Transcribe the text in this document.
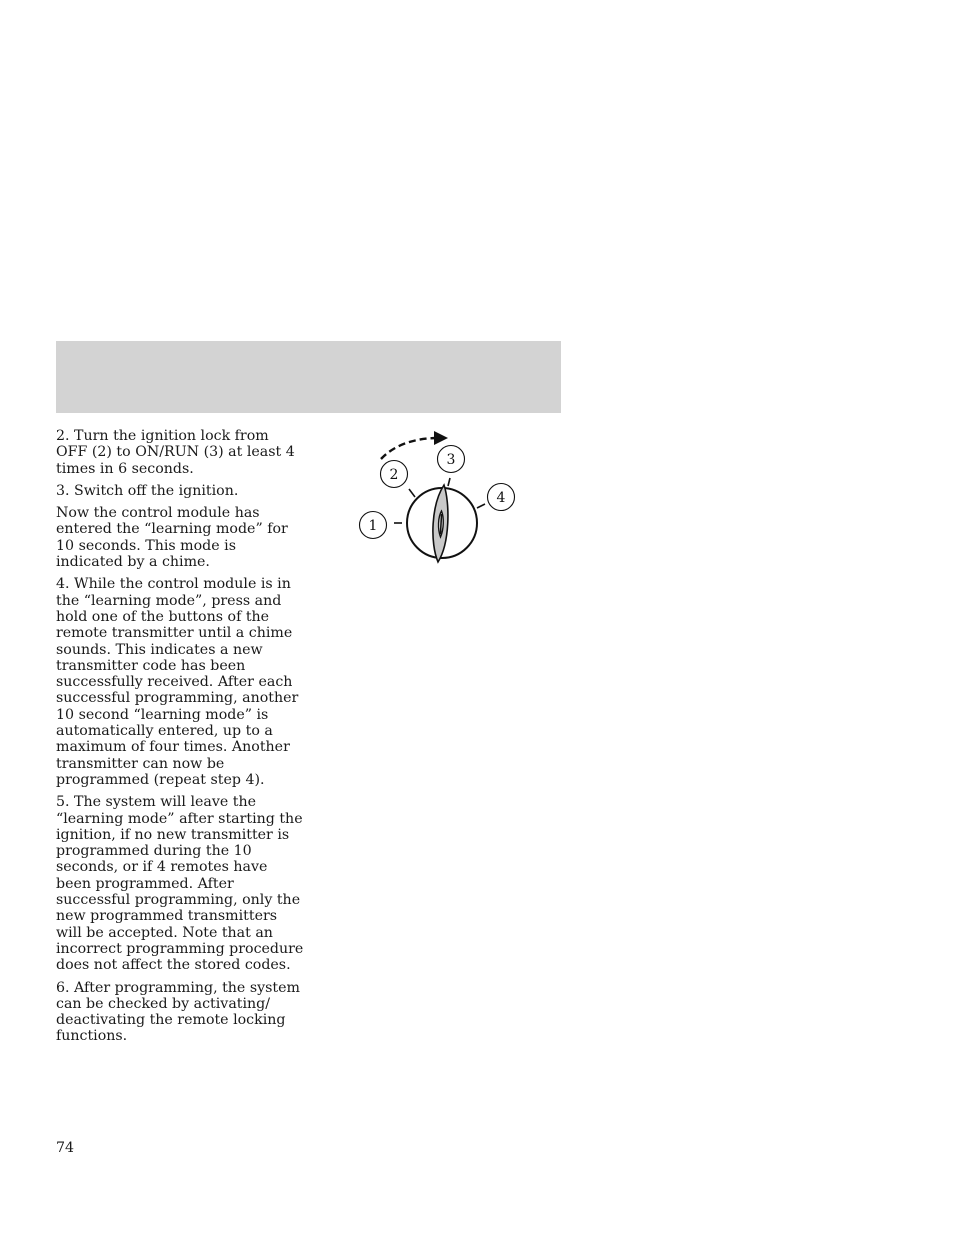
2. Turn the ignition lock from OFF (2) to ON/RUN (3) at least 4 times in 6 seconds.

3. Switch off the ignition.

Now the control module has entered the “learning mode” for 10 seconds. This mode is indicated by a chime.

4. While the control module is in the “learning mode”, press and hold one of the buttons of the remote transmitter until a chime sounds. This indicates a new transmitter code has been successfully received. After each successful programming, another 10 second “learning mode” is automatically entered, up to a maximum of four times. Another transmitter can now be programmed (repeat step 4).

5. The system will leave the “learning mode” after starting the ignition, if no new transmitter is programmed during the 10 seconds, or if 4 remotes have been programmed. After successful programming, only the new programmed transmitters will be accepted. Note that an incorrect programming procedure does not affect the stored codes.

6. After programming, the system can be checked by activating/ deactivating the remote locking functions.

1
2
3
4
74
